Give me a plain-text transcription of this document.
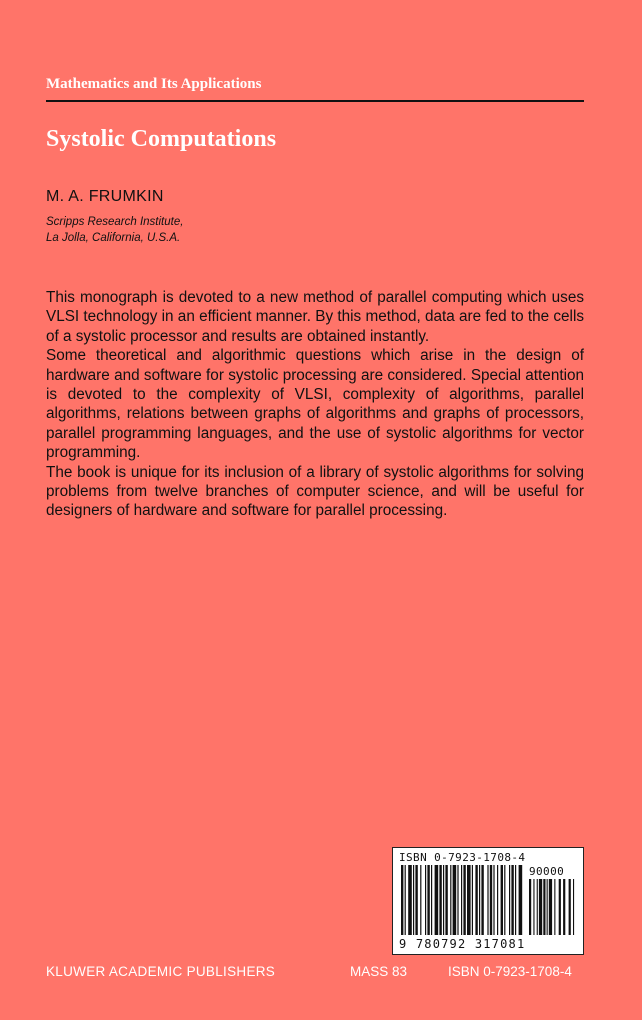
Mathematics and Its Applications
Systolic Computations
M. A. FRUMKIN
Scripps Research Institute,
La Jolla, California, U.S.A.

This monograph is devoted to a new method of parallel computing which uses VLSI technology in an efficient manner. By this method, data are fed to the cells of a systolic processor and results are obtained instantly.

Some theoretical and algorithmic questions which arise in the design of hardware and software for systolic processing are considered. Special attention is devoted to the complexity of VLSI, complexity of algorithms, parallel algorithms, relations between graphs of algorithms and graphs of processors, parallel programming languages, and the use of systolic algorithms for vector programming.

The book is unique for its inclusion of a library of systolic algorithms for solving problems from twelve branches of computer science, and will be useful for designers of hardware and software for parallel processing.

ISBN 0-7923-1708-4
90000
9 780792 317081
KLUWER ACADEMIC PUBLISHERS	MASS 83	ISBN 0-7923-1708-4
